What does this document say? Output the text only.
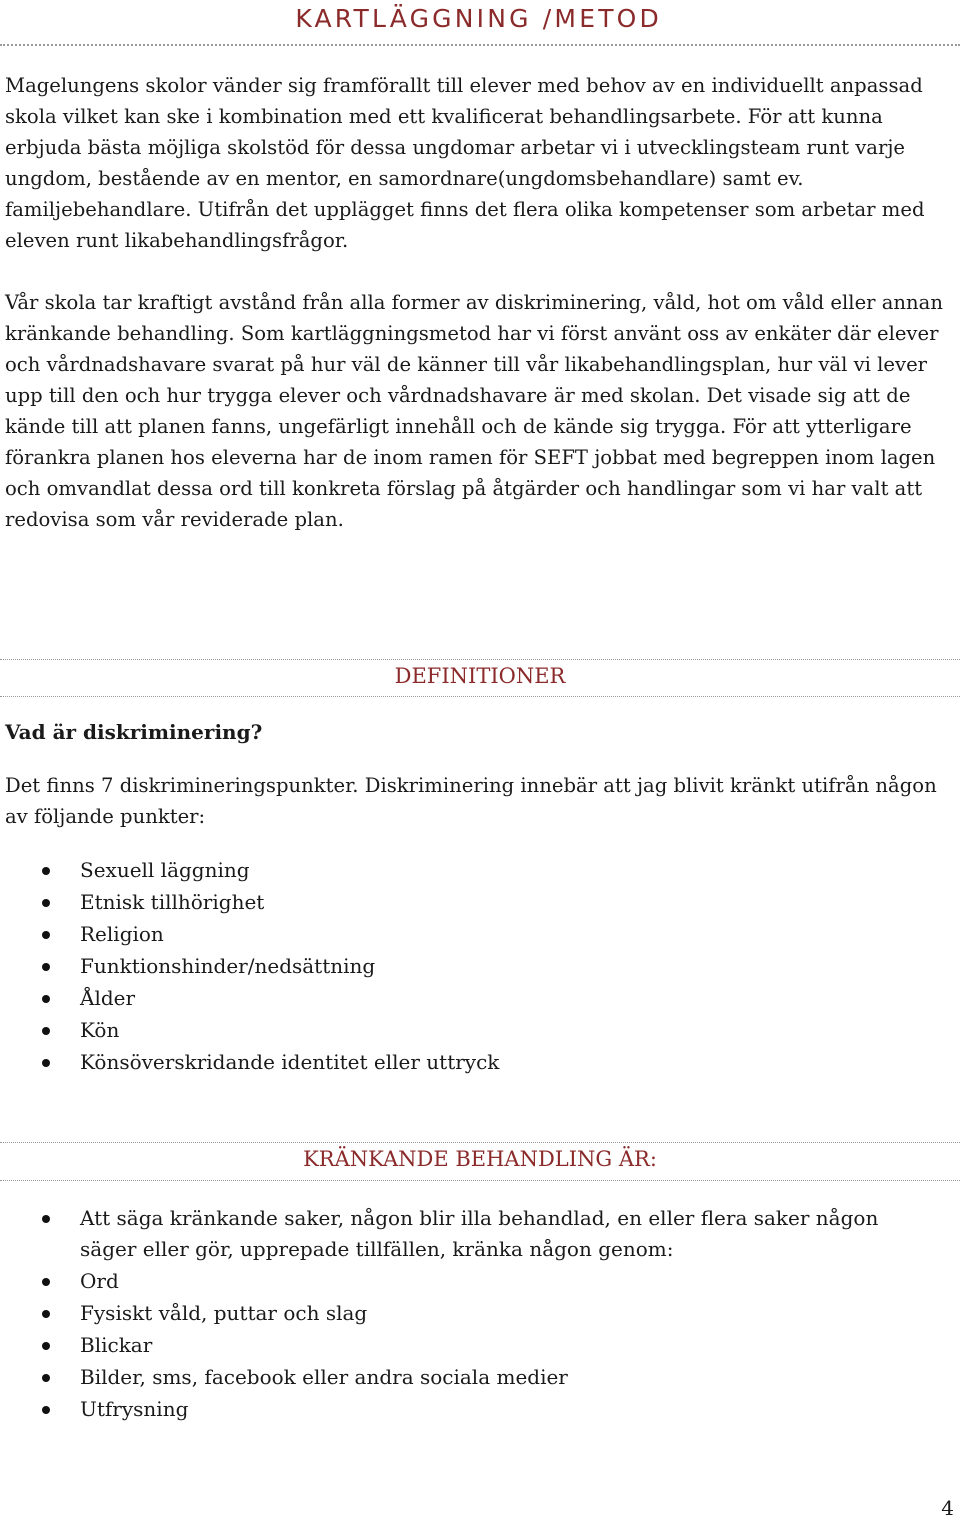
KARTLÄGGNING /METOD

Magelungens skolor vänder sig framförallt till elever med behov av en individuellt anpassad skola vilket kan ske i kombination med ett kvalificerat behandlingsarbete. För att kunna erbjuda bästa möjliga skolstöd för dessa ungdomar arbetar vi i utvecklingsteam runt varje ungdom, bestående av en mentor, en samordnare(ungdomsbehandlare) samt ev. familjebehandlare. Utifrån det upplägget finns det flera olika kompetenser som arbetar med eleven runt likabehandlingsfrågor.

Vår skola tar kraftigt avstånd från alla former av diskriminering, våld, hot om våld eller annan kränkande behandling. Som kartläggningsmetod har vi först använt oss av enkäter där elever och vårdnadshavare svarat på hur väl de känner till vår likabehandlingsplan, hur väl vi lever upp till den och hur trygga elever och vårdnadshavare är med skolan. Det visade sig att de kände till att planen fanns, ungefärligt innehåll och de kände sig trygga. För att ytterligare förankra planen hos eleverna har de inom ramen för SEFT jobbat med begreppen inom lagen och omvandlat dessa ord till konkreta förslag på åtgärder och handlingar som vi har valt att redovisa som vår reviderade plan.

DEFINITIONER
Vad är diskriminering?

Det finns 7 diskrimineringspunkter. Diskriminering innebär att jag blivit kränkt utifrån någon av följande punkter:

Sexuell läggning
Etnisk tillhörighet
Religion
Funktionshinder/nedsättning
Ålder
Kön
Könsöverskridande identitet eller uttryck
KRÄNKANDE BEHANDLING ÄR:
Att säga kränkande saker, någon blir illa behandlad, en eller flera saker någon säger eller gör, upprepade tillfällen, kränka någon genom:
Ord
Fysiskt våld, puttar och slag
Blickar
Bilder, sms, facebook eller andra sociala medier
Utfrysning
4
